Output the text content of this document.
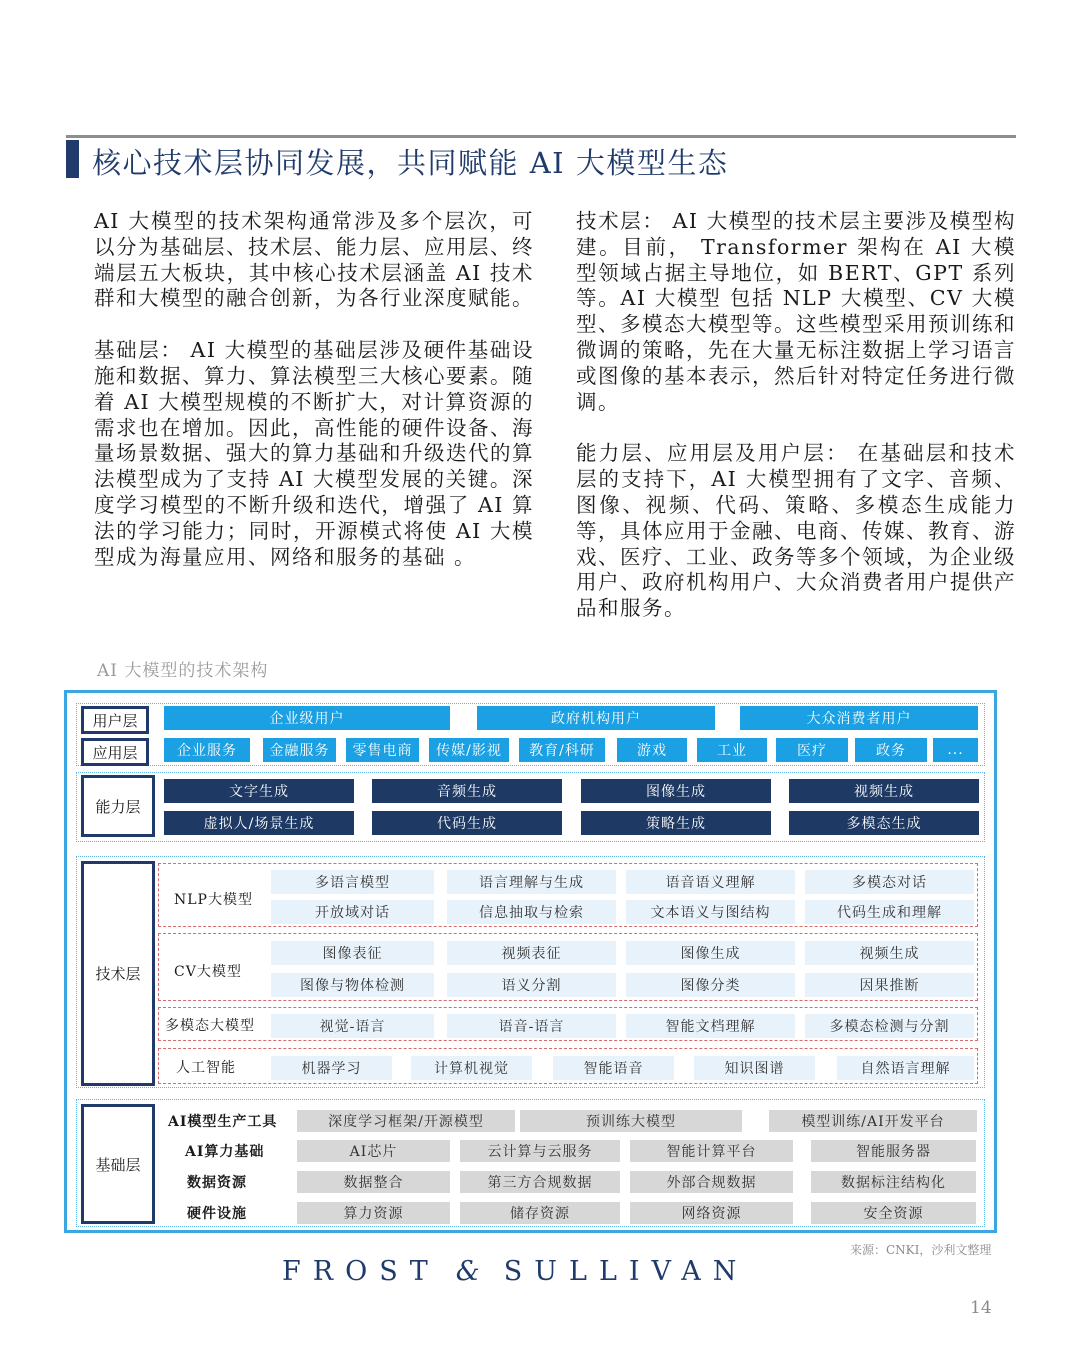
核心技术层协同发展，共同赋能 AI 大模型生态

AI 大模型的技术架构通常涉及多个层次，可以分为基础层、技术层、能力层、应用层、终端层五大板块，其中核心技术层涵盖 AI 技术群和大模型的融合创新，为各行业深度赋能。

基础层： AI 大模型的基础层涉及硬件基础设施和数据、算力、算法模型三大核心要素。随着 AI 大模型规模的不断扩大，对计算资源的需求也在增加。因此，高性能的硬件设备、海量场景数据、强大的算力基础和升级迭代的算法模型成为了支持 AI 大模型发展的关键。深度学习模型的不断升级和迭代，增强了 AI 算法的学习能力；同时，开源模式将使 AI 大模型成为海量应用、网络和服务的基础 。

技术层： AI 大模型的技术层主要涉及模型构建。目前， Transformer 架构在 AI 大模型领域占据主导地位，如 BERT、GPT 系列等。AI 大模型 包括 NLP 大模型、CV 大模型、多模态大模型等。这些模型采用预训练和微调的策略，先在大量无标注数据上学习语言或图像的基本表示，然后针对特定任务进行微调。

能力层、应用层及用户层： 在基础层和技术层的支持下，AI 大模型拥有了文字、音频、图像、视频、代码、策略、多模态生成能力等，具体应用于金融、电商、传媒、教育、游戏、医疗、工业、政务等多个领域，为企业级用户、政府机构用户、大众消费者用户提供产品和服务。

AI 大模型的技术架构
用户层
应用层
企业级用户	政府机构用户	大众消费者用户
企业服务	金融服务	零售电商	传媒/影视	教育/科研	游戏	工业	医疗	政务	...
能力层
文字生成	音频生成	图像生成	视频生成
虚拟人/场景生成	代码生成	策略生成	多模态生成
技术层
NLP大模型
多语言模型	语言理解与生成	语音语义理解	多模态对话
开放域对话	信息抽取与检索	文本语义与图结构	代码生成和理解
CV大模型
图像表征	视频表征	图像生成	视频生成
图像与物体检测	语义分割	图像分类	因果推断
多模态大模型	视觉-语言	语音-语言	智能文档理解	多模态检测与分割
人工智能	机器学习	计算机视觉	智能语音	知识图谱	自然语言理解
基础层
AI模型生产工具	深度学习框架/开源模型	预训练大模型	模型训练/AI开发平台
AI算力基础	AI芯片	云计算与云服务	智能计算平台	智能服务器
数据资源	数据整合	第三方合规数据	外部合规数据	数据标注结构化
硬件设施	算力资源	储存资源	网络资源	安全资源
来源：CNKI，沙利文整理
FROST & SULLIVAN
14
